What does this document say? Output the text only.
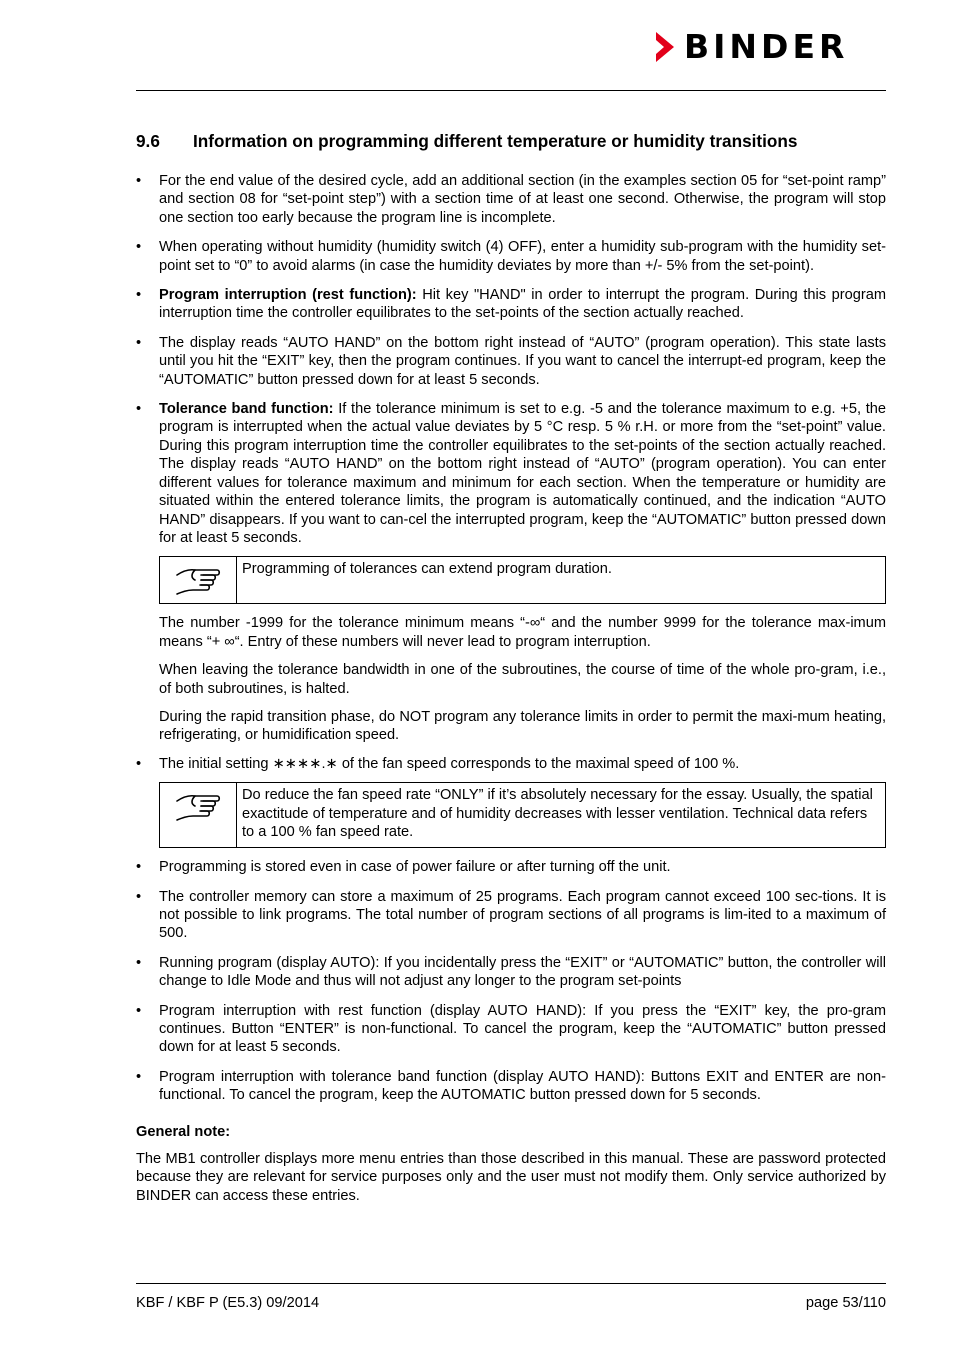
BINDER
9.6 Information on programming different temperature or humidity transitions
• For the end value of the desired cycle, add an additional section (in the examples section 05 for “set-point ramp” and section 08 for “set-point step”) with a section time of at least one second. Otherwise, the program will stop one section too early because the program line is incomplete.
• When operating without humidity (humidity switch (4) OFF), enter a humidity sub-program with the humidity set-point set to “0” to avoid alarms (in case the humidity deviates by more than +/- 5% from the set-point).
• Program interruption (rest function): Hit key "HAND" in order to interrupt the program. During this program interruption time the controller equilibrates to the set-points of the section actually reached.
• The display reads “AUTO HAND” on the bottom right instead of “AUTO” (program operation). This state lasts until you hit the “EXIT” key, then the program continues. If you want to cancel the interrupt-ed program, keep the “AUTOMATIC” button pressed down for at least 5 seconds.
• Tolerance band function: If the tolerance minimum is set to e.g. -5 and the tolerance maximum to e.g. +5, the program is interrupted when the actual value deviates by 5 °C resp. 5 % r.H. or more from the “set-point” value. During this program interruption time the controller equilibrates to the set-points of the section actually reached. The display reads “AUTO HAND” on the bottom right instead of “AUTO” (program operation). You can enter different values for tolerance maximum and minimum for each section. When the temperature or humidity are situated within the entered tolerance limits, the program is automatically continued, and the indication “AUTO HAND” disappears. If you want to can-cel the interrupted program, keep the “AUTOMATIC” button pressed down for at least 5 seconds.
Programming of tolerances can extend program duration.

The number -1999 for the tolerance minimum means “-∞“ and the number 9999 for the tolerance max-imum means “+ ∞“. Entry of these numbers will never lead to program interruption.

When leaving the tolerance bandwidth in one of the subroutines, the course of time of the whole pro-gram, i.e., of both subroutines, is halted.

During the rapid transition phase, do NOT program any tolerance limits in order to permit the maxi-mum heating, refrigerating, or humidification speed.

• The initial setting ∗∗∗∗.∗ of the fan speed corresponds to the maximal speed of 100 %.
Do reduce the fan speed rate “ONLY” if it’s absolutely necessary for the essay. Usually, the spatial exactitude of temperature and of humidity decreases with lesser ventilation. Technical data refers to a 100 % fan speed rate.
• Programming is stored even in case of power failure or after turning off the unit.
• The controller memory can store a maximum of 25 programs. Each program cannot exceed 100 sec-tions. It is not possible to link programs. The total number of program sections of all programs is lim-ited to a maximum of 500.
• Running program (display AUTO): If you incidentally press the “EXIT” or “AUTOMATIC” button, the controller will change to Idle Mode and thus will not adjust any longer to the program set-points
• Program interruption with rest function (display AUTO HAND): If you press the “EXIT” key, the pro-gram continues. Button “ENTER” is non-functional. To cancel the program, keep the “AUTOMATIC” button pressed down for at least 5 seconds.
• Program interruption with tolerance band function (display AUTO HAND): Buttons EXIT and ENTER are non-functional. To cancel the program, keep the AUTOMATIC button pressed down for 5 seconds.

General note:

The MB1 controller displays more menu entries than those described in this manual. These are password protected because they are relevant for service purposes only and the user must not modify them. Only service authorized by BINDER can access these entries.

KBF / KBF P (E5.3) 09/2014	page 53/110
